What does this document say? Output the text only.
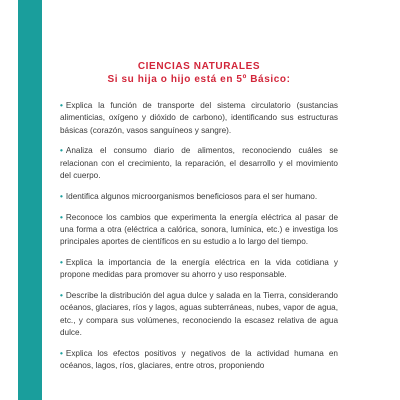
CIENCIAS NATURALES
Si su hija o hijo está en 5º Básico:
• Explica la función de transporte del sistema circulatorio (sustancias alimenticias, oxígeno y dióxido de carbono), identificando sus estructuras básicas (corazón, vasos sanguíneos y sangre).
• Analiza el consumo diario de alimentos, reconociendo cuáles se relacionan con el crecimiento, la reparación, el desarrollo y el movimiento del cuerpo.
• Identifica algunos microorganismos beneficiosos para el ser humano.
• Reconoce los cambios que experimenta la energía eléctrica al pasar de una forma a otra (eléctrica a calórica, sonora, lumínica, etc.) e investiga los principales aportes de científicos en su estudio a lo largo del tiempo.
• Explica la importancia de la energía eléctrica en la vida cotidiana y propone medidas para promover su ahorro y uso responsable.
• Describe la distribución del agua dulce y salada en la Tierra, considerando océanos, glaciares, ríos y lagos, aguas subterráneas, nubes, vapor de agua, etc., y compara sus volúmenes, reconociendo la escasez relativa de agua dulce.
• Explica los efectos positivos y negativos de la actividad humana en océanos, lagos, ríos, glaciares, entre otros, proponiendo
